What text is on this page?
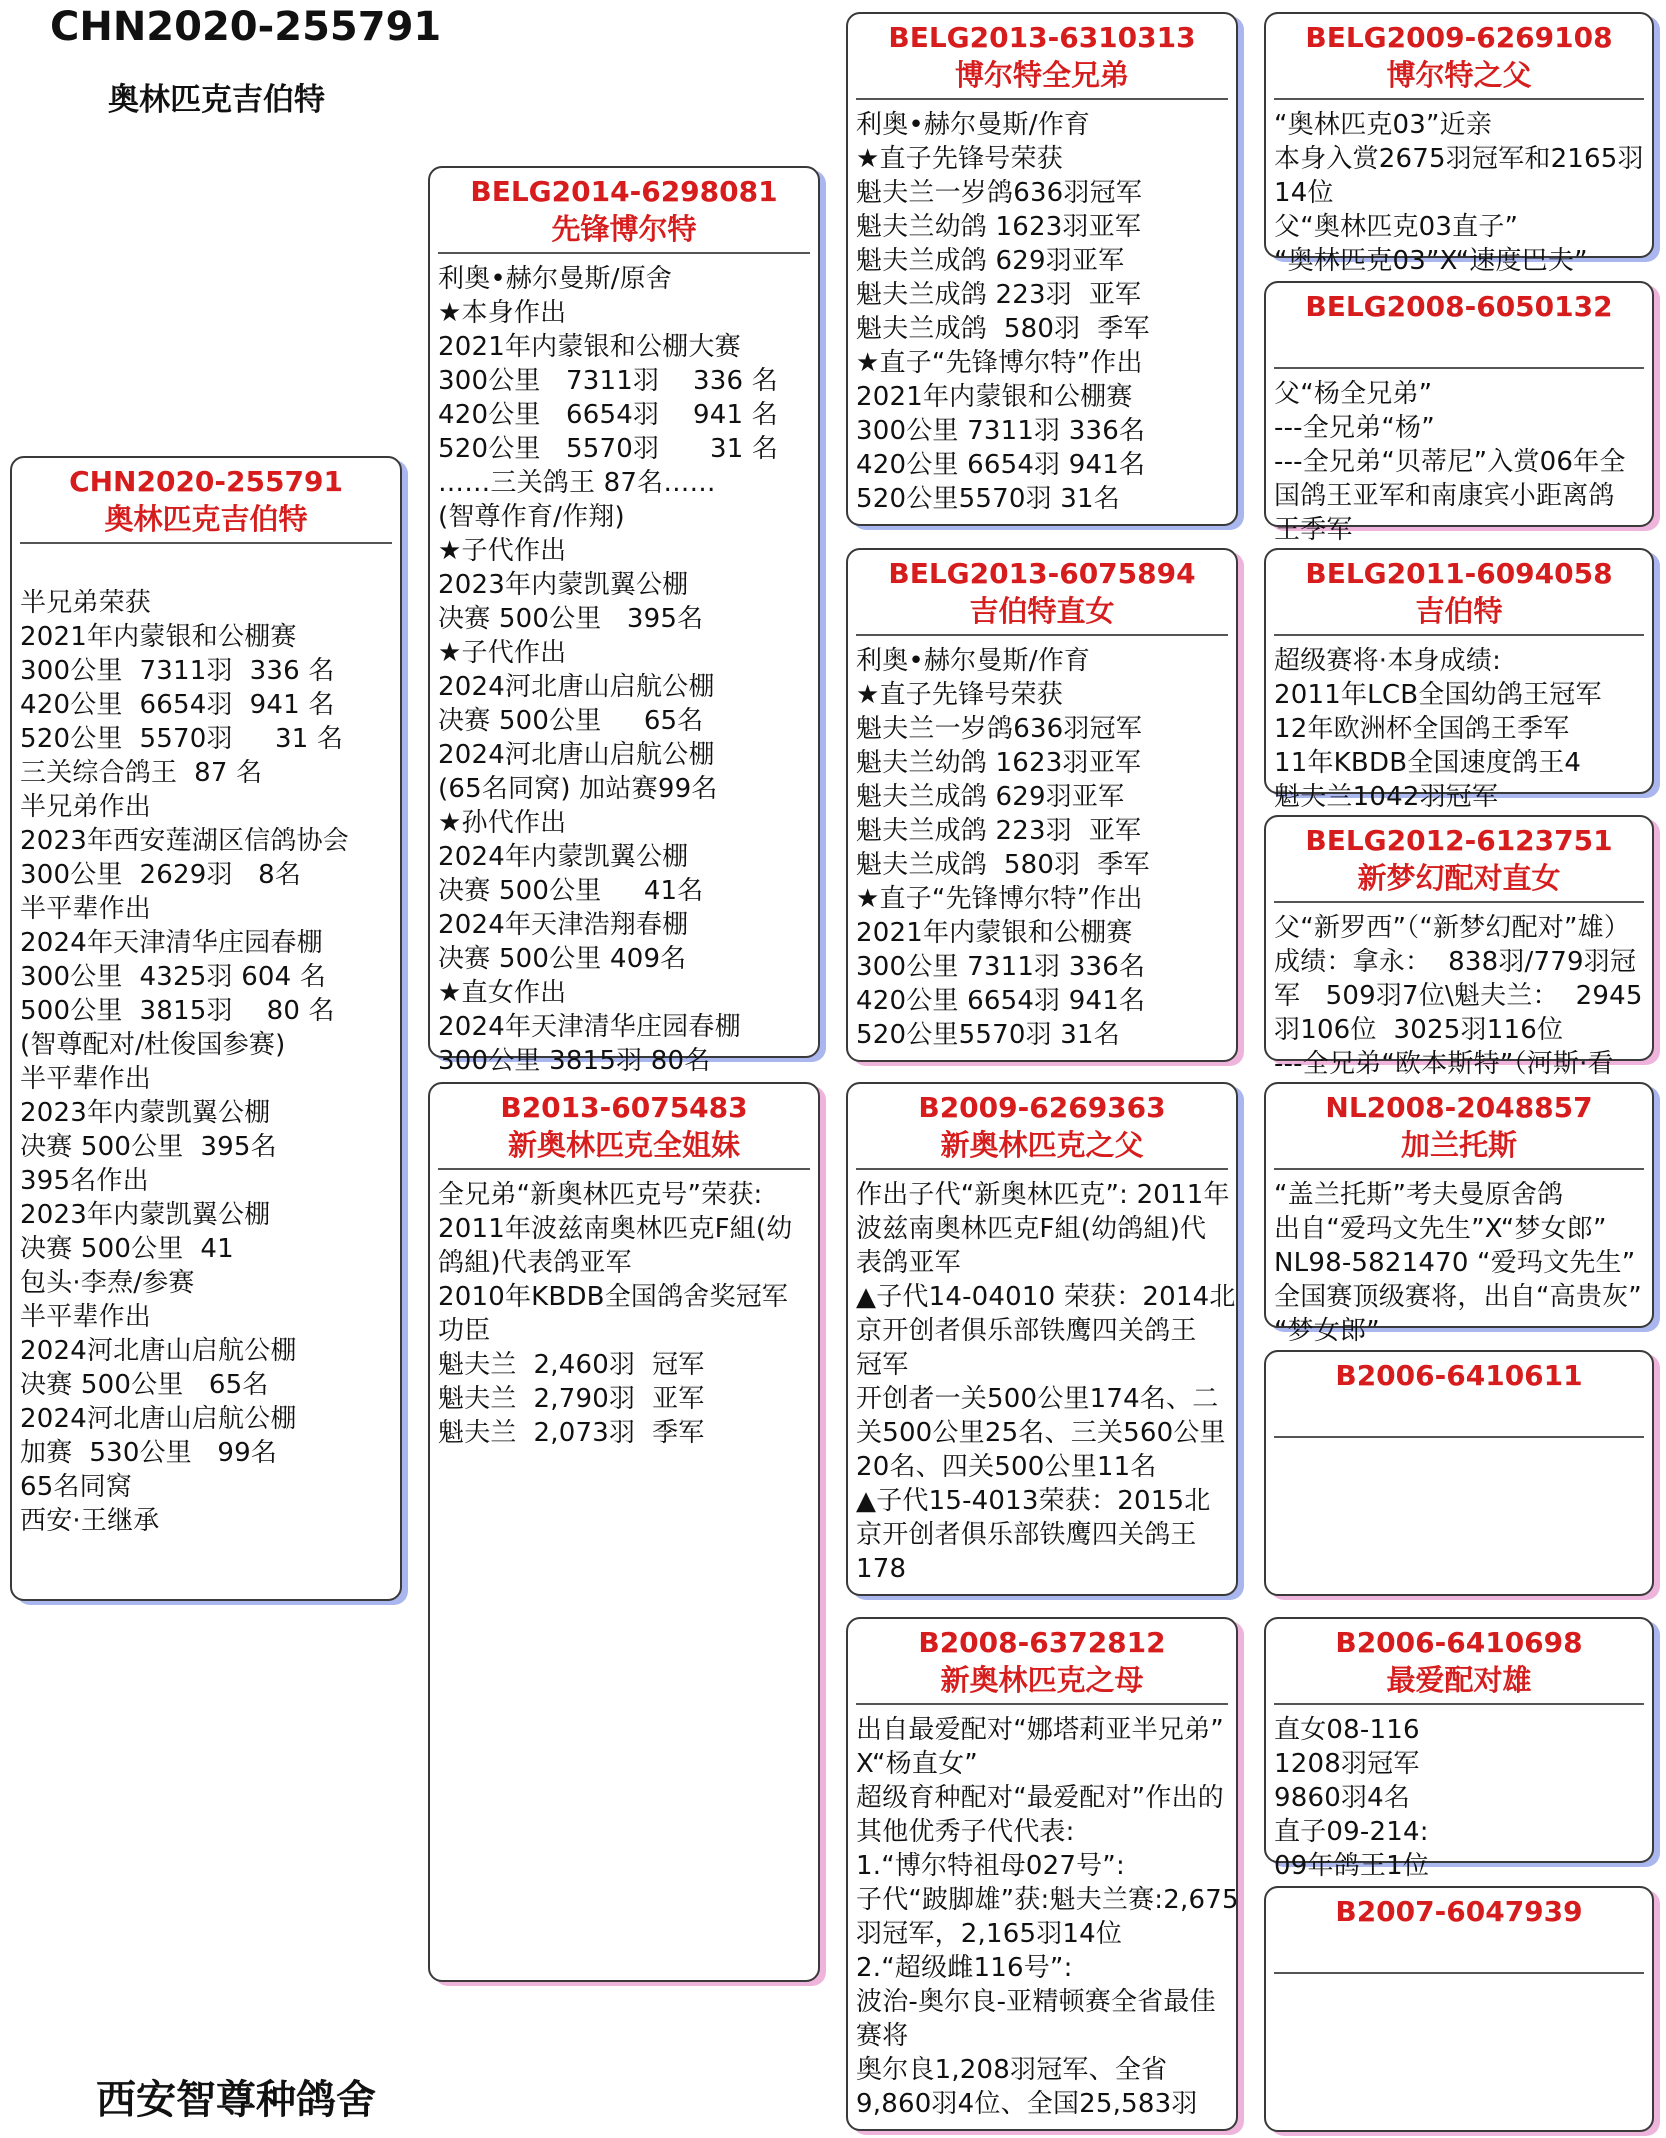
CHN2020-255791
奥林匹克吉伯特
西安智尊种鸽舍
CHN2020-255791
奥林匹克吉伯特

半兄弟荣获

2021年内蒙银和公棚赛

300公里  7311羽  336 名

420公里  6654羽  941 名

520公里  5570羽     31 名

三关综合鸽王  87 名

半兄弟作出

2023年西安莲湖区信鸽协会

300公里  2629羽   8名

半平辈作出

2024年天津清华庄园春棚

300公里  4325羽 604 名

500公里  3815羽    80 名

(智尊配对/杜俊国参赛)

半平辈作出

2023年内蒙凯翼公棚

决赛 500公里  395名

395名作出

2023年内蒙凯翼公棚

决赛 500公里  41

包头·李焘/参赛

半平辈作出

2024河北唐山启航公棚

决赛 500公里   65名

2024河北唐山启航公棚

加赛  530公里   99名

65名同窝

西安·王继承

BELG2014-6298081
先锋博尔特

利奥•赫尔曼斯/原舍

★本身作出

2021年内蒙银和公棚大赛

300公里   7311羽    336 名

420公里   6654羽    941 名

520公里   5570羽      31 名

……三关鸽王 87名……

(智尊作育/作翔)

★子代作出

2023年内蒙凯翼公棚

决赛 500公里   395名

★子代作出

2024河北唐山启航公棚

决赛 500公里     65名

2024河北唐山启航公棚

(65名同窝) 加站赛99名

★孙代作出

2024年内蒙凯翼公棚

决赛 500公里     41名

2024年天津浩翔春棚

决赛 500公里 409名

★直女作出

2024年天津清华庄园春棚

300公里 3815羽 80名

B2013-6075483
新奥林匹克全姐妹

全兄弟“新奥林匹克号”荣获:

2011年波兹南奥林匹克F組(幼

鸽組)代表鸽亚军

2010年KBDB全国鸽舍奖冠军

功臣

魁夫兰  2,460羽  冠军

魁夫兰  2,790羽  亚军

魁夫兰  2,073羽  季军

BELG2013-6310313
博尔特全兄弟

利奥•赫尔曼斯/作育

★直子先锋号荣获

魁夫兰一岁鸽636羽冠军

魁夫兰幼鸽 1623羽亚军

魁夫兰成鸽 629羽亚军

魁夫兰成鸽 223羽  亚军

魁夫兰成鸽  580羽  季军

★直子“先锋博尔特”作出

2021年内蒙银和公棚赛

300公里 7311羽 336名

420公里 6654羽 941名

520公里5570羽 31名

BELG2013-6075894
吉伯特直女

利奥•赫尔曼斯/作育

★直子先锋号荣获

魁夫兰一岁鸽636羽冠军

魁夫兰幼鸽 1623羽亚军

魁夫兰成鸽 629羽亚军

魁夫兰成鸽 223羽  亚军

魁夫兰成鸽  580羽  季军

★直子“先锋博尔特”作出

2021年内蒙银和公棚赛

300公里 7311羽 336名

420公里 6654羽 941名

520公里5570羽 31名

B2009-6269363
新奥林匹克之父

作出子代“新奥林匹克”: 2011年

波兹南奥林匹克F組(幼鸽組)代

表鸽亚军

▲子代14-04010 荣获：2014北

京开创者俱乐部铁鹰四关鸽王

冠军

开创者一关500公里174名、二

关500公里25名、三关560公里

20名、四关500公里11名

▲子代15-4013荣获：2015北

京开创者俱乐部铁鹰四关鸽王

178

B2008-6372812
新奥林匹克之母

出自最爱配对“娜塔莉亚半兄弟”

X“杨直女”

超级育种配对“最爱配对”作出的

其他优秀子代代表:

1.“博尔特祖母027号”:

子代“跛脚雄”获:魁夫兰赛:2,675

羽冠军，2,165羽14位

2.“超级雌116号”:

波治-奥尔良-亚精顿赛全省最佳

赛将

奥尔良1,208羽冠军、全省

9,860羽4位、全国25,583羽

BELG2009-6269108
博尔特之父

“奥林匹克03”近亲

本身入赏2675羽冠军和2165羽

14位

父“奥林匹克03直子”

“奥林匹克03”X“速度巴夫”

BELG2008-6050132

父“杨全兄弟”

---全兄弟“杨”

---全兄弟“贝蒂尼”入赏06年全

国鸽王亚军和南康宾小距离鸽

王季军

BELG2011-6094058
吉伯特

超级赛将·本身成绩:

2011年LCB全国幼鸽王冠军

12年欧洲杯全国鸽王季军

11年KBDB全国速度鸽王4

魁夫兰1042羽冠军

BELG2012-6123751
新梦幻配对直女

父“新罗西”（“新梦幻配对”雄）

成绩：拿永：  838羽/779羽冠

军   509羽7位\魁夫兰：  2945

羽106位  3025羽116位

---全兄弟“欧本斯特”（河斯·看

NL2008-2048857
加兰托斯

“盖兰托斯”考夫曼原舍鸽

出自“爱玛文先生”X“梦女郎”

NL98-5821470 “爱玛文先生”

全国赛顶级赛将，出自“高贵灰”

“梦女郎”

B2006-6410611

B2006-6410698
最爱配对雄

直女08-116

1208羽冠军

9860羽4名

直子09-214:

09年鸽王1位

B2007-6047939
